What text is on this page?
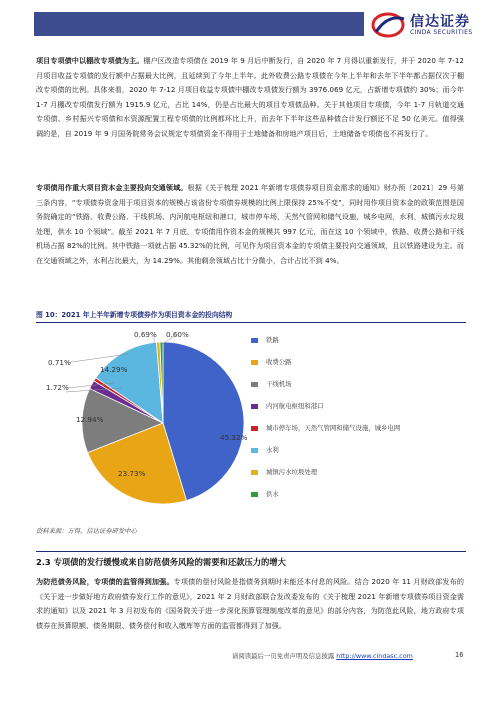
信达证券
CINDA SECURITIES

项目专项债中以棚改专项债为主。棚户区改造专项债在 2019 年 9 月后中断发行，自 2020 年 7 月得以重新发行，并于 2020 年 7-12 月项目收益专项债的发行额中占据最大比例，且延续到了今年上半年。此外收费公路专项债在今年上半年和去年下半年都占据仅次于棚改专项债的比例。具体来看，2020 年 7-12 月项目收益专项债中棚改专项债发行额为 3976.069 亿元，占新增专项债约 30%；而今年 1-7 月棚改专项债发行额为 1915.9 亿元，占比 14%，仍是占比最大的项目专项债品种。关于其他项目专项债，今年 1-7 月轨道交通专项债、乡村振兴专项债和水资源配置工程专项债的比例都环比上升，而去年下半年这些品种债合计发行额还不足 50 亿美元。值得强调的是，自 2019 年 9 月国务院常务会议规定专项债资金不得用于土地储备和房地产项目后，土地储备专项债也不再发行了。

专项债用作重大项目资本金主要投向交通领域。根据《关于梳理 2021 年新增专项债券项目资金需求的通知》财办预〔2021〕29 号第三条内容，“专项债券资金用于项目资本的规模占该省份专项债券规模的比例上限保持 25%不变”，同时用作项目资本金的政策范围是国务院确定的“铁路、收费公路、干线机场、内河航电枢纽和港口，城市停车场，天然气管网和储气设施，城乡电网，水利，城镇污水垃圾处理，供水 10 个领域”。截至 2021 年 7 月底，专项债用作资本金的规模共 997 亿元，而在这 10 个领域中，铁路、收费公路和干线机场占据 82%的比例。其中铁路一项就占据 45.32%的比例，可见作为项目资本金的专项债主要投向交通领域，且以铁路建设为主。而在交通领域之外，水利占比最大，为 14.29%。其他剩余领域占比十分微小，合计占比不到 4%。

图 10：2021 年上半年新增专项债券作为项目资本金的投向结构
45.32%
23.73%
12.94%
1.72%
0.71%
14.29%
0.69% 0.60%
铁路
收费公路
干线机场
内河航电枢纽和港口
城市停车场，天然气管网和储气设施，城乡电网
水利
城镇污水垃圾处理
供水
资料来源：万得，信达证券研发中心
2.3 专项债的发行缓慢或来自防范债务风险的需要和还款压力的增大

为防范债务风险，专项债的监管得到加强。专项债的偿付风险是指债务到期时未能还本付息的风险。结合 2020 年 11 月财政部发布的《关于进一步做好地方政府债券发行工作的意见》，2021 年 2 月财政部联合发改委发布的《关于梳理 2021 年新增专项债券项目资金需求的通知》以及 2021 年 3 月初发布的《国务院关于进一步深化预算管理制度改革的意见》的部分内容，为防范此风险，地方政府专项债券在预算限额、债务期限、债务偿付和收入缴库等方面的监管都得到了加强。

请阅读最后一页免责声明及信息披露 http://www.cindasc.com	16
